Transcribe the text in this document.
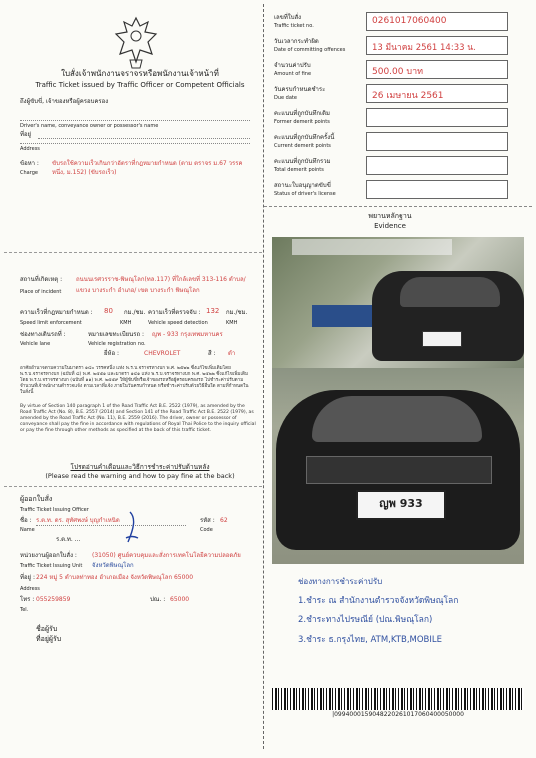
ใบสั่งเจ้าพนักงานจราจรหรือพนักงานเจ้าหน้าที่
Traffic Ticket issued by Traffic Officer or Competent Officials
ถึงผู้ขับขี่, เจ้าของหรือผู้ครอบครอง
Driver's name, conveyance owner or possessor's name
ที่อยู่
Address
ข้อหา : ขับรถใช้ความเร็วเกินกว่าอัตราที่กฎหมายกำหนด (ตาม ตราจร ม.67 วรรค
Charge หนึ่ง, ม.152) (ขับรถเร็ว)
เลขที่ใบสั่ง
Traffic ticket no.	0261017060400
วันเวลากระทำผิด
Date of committing offences	13 มีนาคม 2561 14:33 น.
จำนวนค่าปรับ
Amount of fine	500.00 บาท
วันครบกำหนดชำระ
Due date	26 เมษายน 2561
คะแนนที่ถูกบันทึกเดิม
Former demerit points
คะแนนที่ถูกบันทึกครั้งนี้
Current demerit points
คะแนนที่ถูกบันทึกรวม
Total demerit points
สถานะใบอนุญาตขับขี่
Status of driver's license
พยานหลักฐาน
Evidence
ญพ 933
สถานที่เกิดเหตุ : ถนนนเรศวรราช-พิษณุโลก(ทล.117) ที่ใกล้เลขที่ 313-116 ตำบล/
Place of incident แขวง บางระกำ อำเภอ/ เขต บางระกำ พิษณุโลก
ความเร็วที่กฎหมายกำหนด : 80 กม./ชม. ความเร็วที่ตรวจจับ : 132 กม./ชม.
Speed limit enforcement	KMH	Vehicle speed detection	KMH
ช่องทางเดินรถที่ :	หมายเลขทะเบียนรถ : ญพ - 933 กรุงเทพมหานคร
Vehicle lane	Vehicle registration no.
ยี่ห้อ :	CHEVROLET	สี : ดำ
อาศัยอำนาจตามความในมาตรา ๑๔๐ วรรคหนึ่ง แห่ง พ.ร.บ.จราจรทางบก พ.ศ. ๒๕๒๒ ซึ่งแก้ไขเพิ่มเติมโดย พ.ร.บ.จราจรทางบก (ฉบับที่ ๘) พ.ศ. ๒๕๕๑ และมาตรา ๑๔๑ แห่ง พ.ร.บ.จราจรทางบก พ.ศ. ๒๕๒๒ ซึ่งแก้ไขเพิ่มเติมโดย พ.ร.บ.จราจรทางบก (ฉบับที่ ๑๑) พ.ศ. ๒๕๕๙ ให้ผู้ขับขี่หรือเจ้าของรถหรือผู้ครอบครองรถ ไปชำระค่าปรับตามจำนวนที่เจ้าพนักงานตำรวจแจ้ง ตามเวลาที่แจ้ง ภายในวันครบกำหนด หรือชำระค่าปรับด้วยวิธีอื่นใด ตามที่กำหนดในใบสั่งนี้
By virtue of Section 140 paragraph 1 of the Road Traffic Act B.E. 2522 (1979), as amended by the Road Traffic Act (No. 8), B.E. 2557 (2014) and Section 141 of the Road Traffic Act B.E. 2522 (1979), as amended by the Road Traffic Act (No. 11), B.E. 2559 (2016). The driver, owner or possessor of conveyance shall pay the fine in accordance with regulations of Royal Thai Police to the inquiry official or pay the fine through other methods as specified at the back of this traffic ticket.
โปรดอ่านคำเตือนและวิธีการชำระค่าปรับด้านหลัง
(Please read the warning and how to pay fine at the back)
ผู้ออกใบสั่ง
Traffic Ticket Issuing Officer
ชื่อ : ร.ต.ท. ดร. สุทัศพงษ์ บุญกำเหนิด	รหัส : 62
Name	Code
ร.ต.ท. ...
หน่วยงานผู้ออกใบสั่ง :	(31050) ศูนย์ควบคุมและสั่งการเทคโนโลยีความปลอดภัย
Traffic Ticket Issuing Unit จังหวัดพิษณุโลก
ที่อยู่ : 224 หมู่ 5 ตำบลท่าทอง อำเภอเมือง จังหวัดพิษณุโลก 65000
Address
โทร : 055259859	ปณ. : 65000
Tel.
ชื่อผู้รับ
ที่อยู่ผู้รับ
ช่องทางการชำระค่าปรับ
1.ชำระ ณ สำนักงานตำรวจจังหวัดพิษณุโลก
2.ชำระทางไปรษณีย์ (ปณ.พิษณุโลก)
3.ชำระ ธ.กรุงไทย, ATM,KTB,MOBILE
|0994000159048220261017060400050000
